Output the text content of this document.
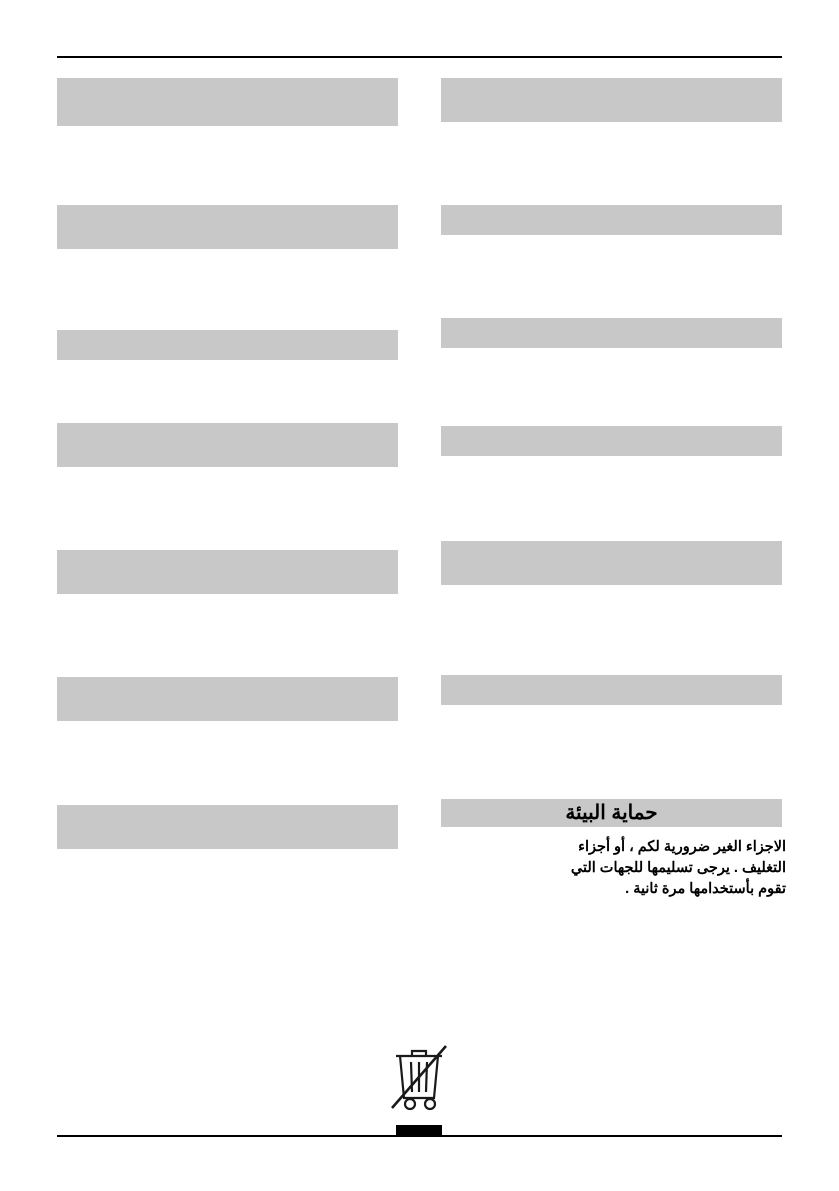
حماية البيئة
الاجزاء الغير ضرورية لكم ، أو أجزاء
التغليف . يرجى تسليمها للجهات التي
تقوم بأستخدامها مرة ثانية .
